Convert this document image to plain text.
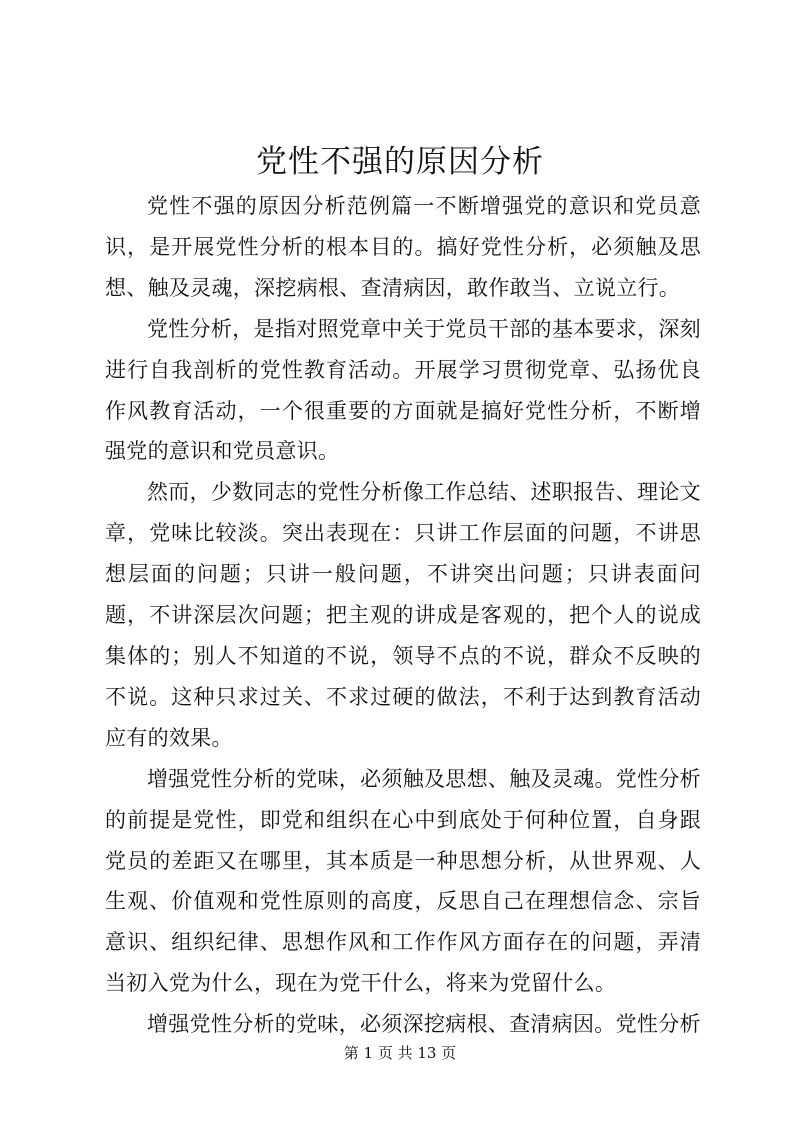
党性不强的原因分析

党性不强的原因分析范例篇一不断增强党的意识和党员意识，是开展党性分析的根本目的。搞好党性分析，必须触及思想、触及灵魂，深挖病根、查清病因，敢作敢当、立说立行。

党性分析，是指对照党章中关于党员干部的基本要求，深刻进行自我剖析的党性教育活动。开展学习贯彻党章、弘扬优良作风教育活动，一个很重要的方面就是搞好党性分析，不断增强党的意识和党员意识。

然而，少数同志的党性分析像工作总结、述职报告、理论文章，党味比较淡。突出表现在：只讲工作层面的问题，不讲思想层面的问题；只讲一般问题，不讲突出问题；只讲表面问题，不讲深层次问题；把主观的讲成是客观的，把个人的说成集体的；别人不知道的不说，领导不点的不说，群众不反映的不说。这种只求过关、不求过硬的做法，不利于达到教育活动应有的效果。

增强党性分析的党味，必须触及思想、触及灵魂。党性分析的前提是党性，即党和组织在心中到底处于何种位置，自身跟党员的差距又在哪里，其本质是一种思想分析，从世界观、人生观、价值观和党性原则的高度，反思自己在理想信念、宗旨意识、组织纪律、思想作风和工作作风方面存在的问题，弄清当初入党为什么，现在为党干什么，将来为党留什么。

增强党性分析的党味，必须深挖病根、查清病因。党性分析

第 1 页 共 13 页
